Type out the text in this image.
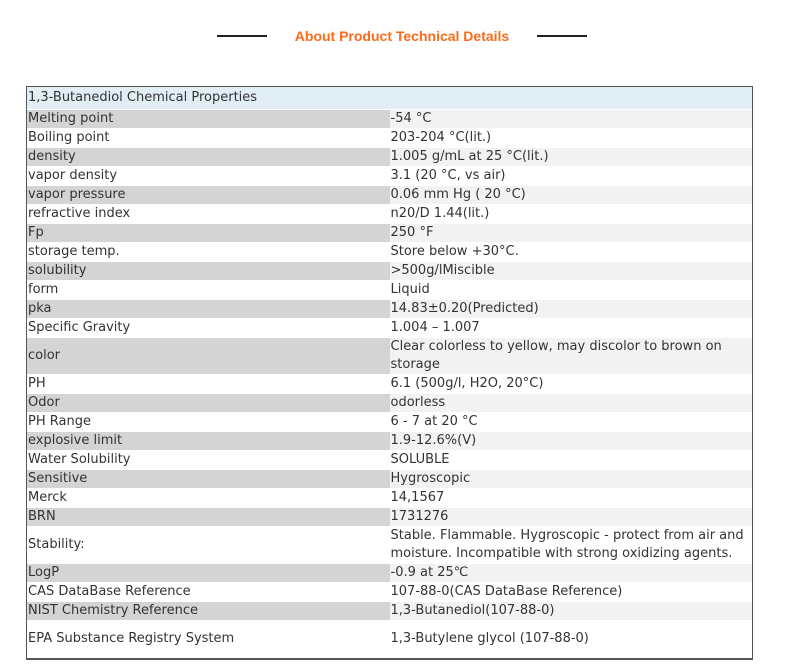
About Product Technical Details
1,3-Butanediol Chemical Properties	
Melting point	-54 °C
Boiling point	203-204 °C(lit.)
density	1.005 g/mL at 25 °C(lit.)
vapor density	3.1 (20 °C, vs air)
vapor pressure	0.06 mm Hg ( 20 °C)
refractive index	n20/D 1.44(lit.)
Fp	250 °F
storage temp.	Store below +30°C.
solubility	>500g/lMiscible
form	Liquid
pka	14.83±0.20(Predicted)
Specific Gravity	1.004 – 1.007
color	Clear colorless to yellow, may discolor to brown on storage
PH	6.1 (500g/l, H2O, 20°C)
Odor	odorless
PH Range	6 - 7 at 20 °C
explosive limit	1.9-12.6%(V)
Water Solubility	SOLUBLE
Sensitive	Hygroscopic
Merck	14,1567
BRN	1731276
Stability:	Stable. Flammable. Hygroscopic - protect from air and moisture. Incompatible with strong oxidizing agents.
LogP	-0.9 at 25℃
CAS DataBase Reference	107-88-0(CAS DataBase Reference)
NIST Chemistry Reference	1,3-Butanediol(107-88-0)
EPA Substance Registry System	1,3-Butylene glycol (107-88-0)
